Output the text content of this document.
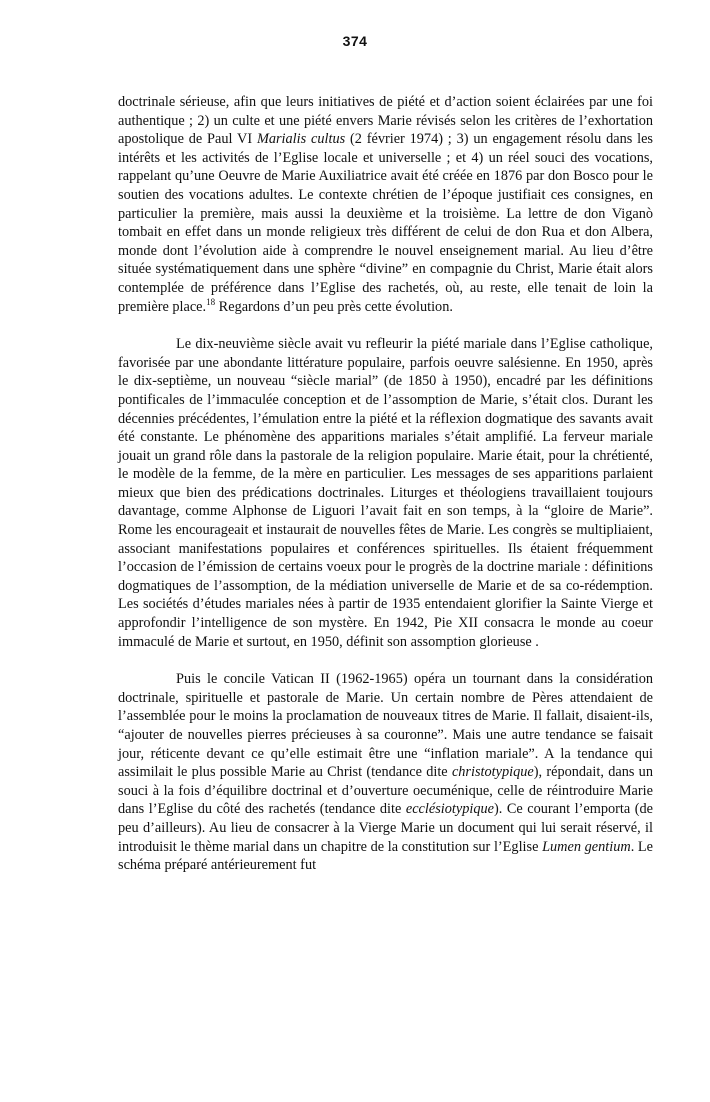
374

doctrinale sérieuse, afin que leurs initiatives de piété et d’action soient éclairées par une foi authentique ; 2) un culte et une piété envers Marie révisés selon les critères de l’exhortation apostolique de Paul VI Marialis cultus (2 février 1974) ; 3) un engagement résolu dans les intérêts et les activités de l’Eglise locale et universelle ; et 4) un réel souci des vocations, rappelant qu’une Oeuvre de Marie Auxiliatrice avait été créée en 1876 par don Bosco pour le soutien des vocations adultes. Le contexte chrétien de l’époque justifiait ces consignes, en particulier la première, mais aussi la deuxième et la troisième. La lettre de don Viganò tombait en effet dans un monde religieux très différent de celui de don Rua et don Albera, monde dont l’évolution aide à comprendre le nouvel enseignement marial. Au lieu d’être située systématiquement dans une sphère “divine” en compagnie du Christ, Marie était alors contemplée de préférence dans l’Eglise des rachetés, où, au reste, elle tenait de loin la première place.$^{18}$ Regardons d’un peu près cette évolution.

Le dix-neuvième siècle avait vu refleurir la piété mariale dans l’Eglise catholique, favorisée par une abondante littérature populaire, parfois oeuvre salésienne. En 1950, après le dix-septième, un nouveau “siècle marial” (de 1850 à 1950), encadré par les définitions pontificales de l’immaculée conception et de l’assomption de Marie, s’était clos. Durant les décennies précédentes, l’émulation entre la piété et la réflexion dogmatique des savants avait été constante. Le phénomène des apparitions mariales s’était amplifié. La ferveur mariale jouait un grand rôle dans la pastorale de la religion populaire. Marie était, pour la chrétienté, le modèle de la femme, de la mère en particulier. Les messages de ses apparitions parlaient mieux que bien des prédications doctrinales. Liturges et théologiens travaillaient toujours davantage, comme Alphonse de Liguori l’avait fait en son temps, à la “gloire de Marie”. Rome les encourageait et instaurait de nouvelles fêtes de Marie. Les congrès se multipliaient, associant manifestations populaires et conférences spirituelles. Ils étaient fréquemment l’occasion de l’émission de certains voeux pour le progrès de la doctrine mariale : définitions dogmatiques de l’assomption, de la médiation universelle de Marie et de sa co-rédemption. Les sociétés d’études mariales nées à partir de 1935 entendaient glorifier la Sainte Vierge et approfondir l’intelligence de son mystère. En 1942, Pie XII consacra le monde au coeur immaculé de Marie et surtout, en 1950, définit son assomption glorieuse .

Puis le concile Vatican II (1962-1965) opéra un tournant dans la considération doctrinale, spirituelle et pastorale de Marie. Un certain nombre de Pères attendaient de l’assemblée pour le moins la proclamation de nouveaux titres de Marie. Il fallait, disaient-ils, “ajouter de nouvelles pierres précieuses à sa couronne”. Mais une autre tendance se faisait jour, réticente devant ce qu’elle estimait être une “inflation mariale”. A la tendance qui assimilait le plus possible Marie au Christ (tendance dite christotypique), répondait, dans un souci à la fois d’équilibre doctrinal et d’ouverture oecuménique, celle de réintroduire Marie dans l’Eglise du côté des rachetés (tendance dite ecclésiotypique). Ce courant l’emporta (de peu d’ailleurs). Au lieu de consacrer à la Vierge Marie un document qui lui serait réservé, il introduisit le thème marial dans un chapitre de la constitution sur l’Eglise Lumen gentium. Le schéma préparé antérieurement fut
